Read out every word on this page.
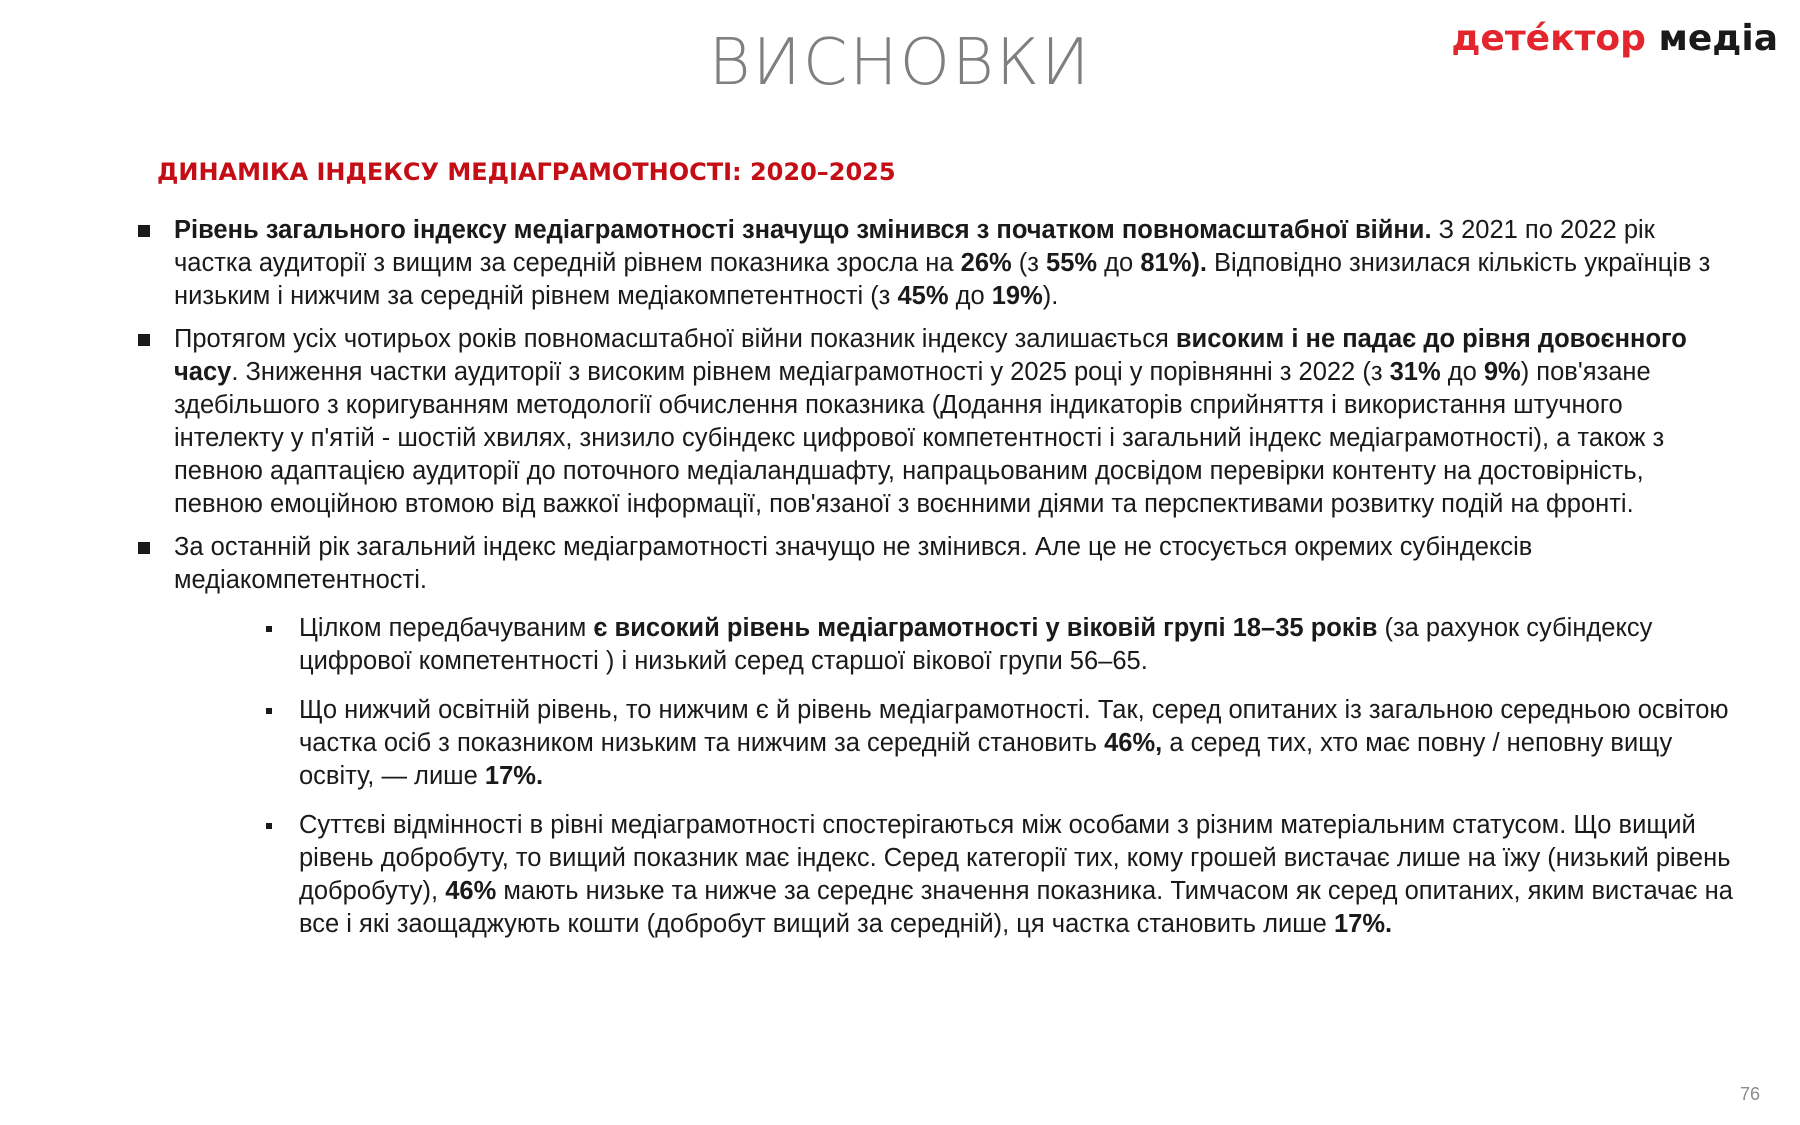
ВИСНОВКИ	детéктор медіа
ДИНАМІКА ІНДЕКСУ МЕДІАГРАМОТНОСТІ: 2020–2025
Рівень загального індексу медіаграмотності значущо змінився з початком повномасштабної війни. З 2021 по 2022 рік частка аудиторії з вищим за середній рівнем показника зросла на 26% (з 55% до 81%). Відповідно знизилася кількість українців з низьким і нижчим за середній рівнем медіакомпетентності (з 45% до 19%).
Протягом усіх чотирьох років повномасштабної війни показник індексу залишається високим і не падає до рівня довоєнного часу. Зниження частки аудиторії з високим рівнем медіаграмотності у 2025 році у порівнянні з 2022 (з 31% до 9%) пов'язане здебільшого з коригуванням методології обчислення показника (Додання індикаторів сприйняття і використання штучного інтелекту у п'ятій - шостій хвилях, знизило субіндекс цифрової компетентності і загальний індекс медіаграмотності), а також з певною адаптацією аудиторії до поточного медіаландшафту, напрацьованим досвідом перевірки контенту на достовірність, певною емоційною втомою від важкої інформації, пов'язаної з воєнними діями та перспективами розвитку подій на фронті.
За останній рік загальний індекс медіаграмотності значущо не змінився. Але це не стосується окремих субіндексів медіакомпетентності.
Цілком передбачуваним є високий рівень медіаграмотності у віковій групі 18–35 років (за рахунок субіндексу цифрової компетентності ) і низький серед старшої вікової групи 56–65.
Що нижчий освітній рівень, то нижчим є й рівень медіаграмотності. Так, серед опитаних із загальною середньою освітою частка осіб з показником низьким та нижчим за середній становить 46%, а серед тих, хто має повну / неповну вищу освіту, — лише 17%.
Суттєві відмінності в рівні медіаграмотності спостерігаються між особами з різним матеріальним статусом. Що вищий рівень добробуту, то вищий показник має індекс. Серед категорії тих, кому грошей вистачає лише на їжу (низький рівень добробуту), 46% мають низьке та нижче за середнє значення показника. Тимчасом як серед опитаних, яким вистачає на все і які заощаджують кошти (добробут вищий за середній), ця частка становить лише 17%.
76
